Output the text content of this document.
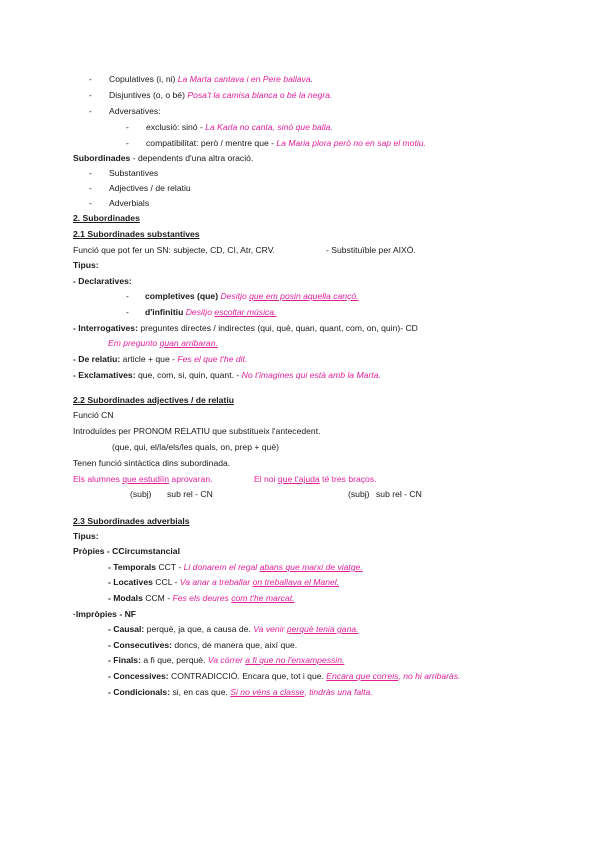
- Copulatives (i, ni) La Marta cantava i en Pere ballava.
- Disjuntives (o, o bé) Posa't la camisa blanca o bé la negra.
- Adversatives:
- exclusió: sinó - La Karla no canta, sinó que balla.
- compatibilitat: però / mentre que - La Maria plora però no en sap el motiu.
Subordinades - dependents d'una altra oració.
- Substantives
- Adjectives / de relatiu
- Adverbials
2. Subordinades
2.1 Subordinades substantives
Funció que pot fer un SN: subjecte, CD, CI, Atr, CRV.	- Substituïble per AIXÒ.
Tipus:
- Declaratives:
- completives (que) Desitjo que em posin aquella cançó.
- d'infinitiu Desitjo escoltar música.
- Interrogatives: preguntes directes / indirectes (qui, què, quan, quant, com, on, quin)- CD
Em pregunto quan arribaran.
- De relatiu: article + que - Fes el que t'he dit.
- Exclamatives: que, com, si, quin, quant. - No t'imagines qui està amb la Marta.
2.2 Subordinades adjectives / de relatiu
Funció CN
Introduïdes per PRONOM RELATIU que substitueix l'antecedent.
(que, qui, el/la/els/les quals, on, prep + què)
Tenen funció sintàctica dins subordinada.
Els alumnes que estudiïn aprovaran.	El noi que t'ajuda té tres braços.
(subj) sub rel - CN	(subj) sub rel - CN
2.3 Subordinades adverbials
Tipus:
Pròpies - CCircumstancial
- Temporals CCT - Li donarem el regal abans que marxi de viatge.
- Locatives CCL - Va anar a treballar on treballava el Manel.
- Modals CCM - Fes els deures com t'he marcat.
·Impròpies - NF
- Causal: perquè, ja que, a causa de. Va venir perquè tenia gana.
- Consecutives: doncs, de manera que, així que.
- Finals: a fi que, perquè. Va córrer a fi que no l'enxampessin.
- Concessives: CONTRADICCIÓ. Encara que, tot i que. Encara que correis, no hi arribaràs.
- Condicionals: si, en cas que. Si no véns a classe, tindràs una falta.
